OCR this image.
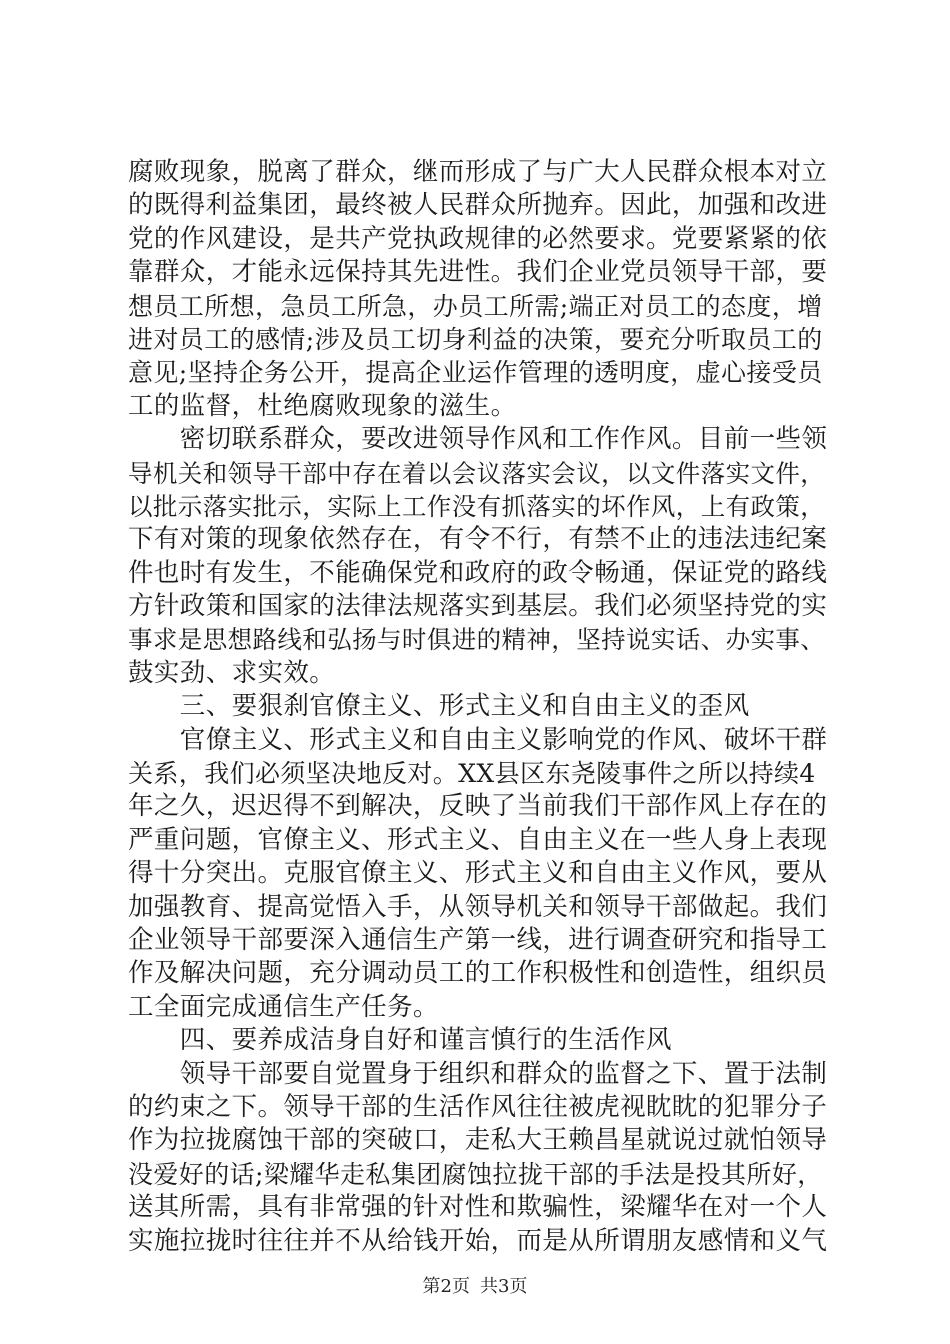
腐败现象，脱离了群众，继而形成了与广大人民群众根本对立
的既得利益集团，最终被人民群众所抛弃。因此，加强和改进
党的作风建设，是共产党执政规律的必然要求。党要紧紧的依
靠群众，才能永远保持其先进性。我们企业党员领导干部，要
想员工所想，急员工所急，办员工所需;端正对员工的态度，增
进对员工的感情;涉及员工切身利益的决策，要充分听取员工的
意见;坚持企务公开，提高企业运作管理的透明度，虚心接受员
工的监督，杜绝腐败现象的滋生。
　　密切联系群众，要改进领导作风和工作作风。目前一些领
导机关和领导干部中存在着以会议落实会议，以文件落实文件，
以批示落实批示，实际上工作没有抓落实的坏作风，上有政策，
下有对策的现象依然存在，有令不行，有禁不止的违法违纪案
件也时有发生，不能确保党和政府的政令畅通，保证党的路线
方针政策和国家的法律法规落实到基层。我们必须坚持党的实
事求是思想路线和弘扬与时俱进的精神，坚持说实话、办实事、
鼓实劲、求实效。
　　三、要狠刹官僚主义、形式主义和自由主义的歪风
　　官僚主义、形式主义和自由主义影响党的作风、破坏干群
关系，我们必须坚决地反对。XX县区东尧陵事件之所以持续4
年之久，迟迟得不到解决，反映了当前我们干部作风上存在的
严重问题，官僚主义、形式主义、自由主义在一些人身上表现
得十分突出。克服官僚主义、形式主义和自由主义作风，要从
加强教育、提高觉悟入手，从领导机关和领导干部做起。我们
企业领导干部要深入通信生产第一线，进行调查研究和指导工
作及解决问题，充分调动员工的工作积极性和创造性，组织员
工全面完成通信生产任务。
　　四、要养成洁身自好和谨言慎行的生活作风
　　领导干部要自觉置身于组织和群众的监督之下、置于法制
的约束之下。领导干部的生活作风往往被虎视眈眈的犯罪分子
作为拉拢腐蚀干部的突破口，走私大王赖昌星就说过就怕领导
没爱好的话;梁耀华走私集团腐蚀拉拢干部的手法是投其所好，
送其所需，具有非常强的针对性和欺骗性，梁耀华在对一个人
实施拉拢时往往并不从给钱开始，而是从所谓朋友感情和义气
第2页 共3页
